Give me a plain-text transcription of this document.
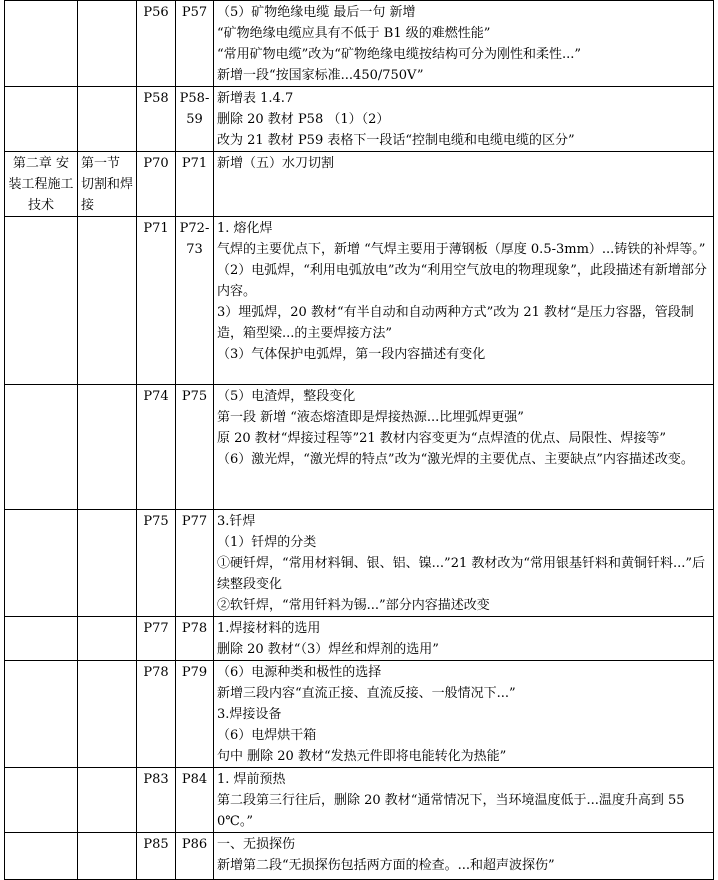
		P56	P57	（5）矿物绝缘电缆 最后一句 新增
“矿物绝缘电缆应具有不低于 B1 级的难燃性能”
“常用矿物电缆”改为“矿物绝缘电缆按结构可分为刚性和柔性...”
新增一段“按国家标准...450/750V”

		P58	P58-59	新增表 1.4.7
删除 20 教材 P58 （1）（2）
改为 21 教材 P59 表格下一段话“控制电缆和电缆电缆的区分”

第二章 安装工程施工技术	第一节 切割和焊接	P70	P71	新增（五）水刀切割

		P71	P72-73	1. 熔化焊
气焊的主要优点下，新增 “气焊主要用于薄钢板（厚度 0.5-3mm）...铸铁的补焊等。”
（2）电弧焊，“利用电弧放电”改为“利用空气放电的物理现象”，此段描述有新增部分内容。
3）埋弧焊，20 教材“有半自动和自动两种方式”改为 21 教材“是压力容器，管段制造，箱型梁...的主要焊接方法”
（3）气体保护电弧焊，第一段内容描述有变化

		P74	P75	（5）电渣焊，整段变化
第一段 新增 “液态熔渣即是焊接热源...比埋弧焊更强”
原 20 教材“焊接过程等”21 教材内容变更为“点焊渣的优点、局限性、焊接等”
（6）激光焊，“激光焊的特点”改为“激光焊的主要优点、主要缺点”内容描述改变。

		P75	P77	3.钎焊
（1）钎焊的分类
①硬钎焊，“常用材料铜、银、铝、镍...”21 教材改为“常用银基钎料和黄铜钎料...”后续整段变化
②软钎焊，“常用钎料为锡...”部分内容描述改变

		P77	P78	1.焊接材料的选用
删除 20 教材“（3）焊丝和焊剂的选用”

		P78	P79	（6）电源种类和极性的选择
新增三段内容“直流正接、直流反接、一般情况下...”
3.焊接设备
（6）电焊烘干箱
句中 删除 20 教材“发热元件即将电能转化为热能”

		P83	P84	1. 焊前预热
第二段第三行往后，删除 20 教材“通常情况下，当环境温度低于...温度升高到 550℃。”

		P85	P86	一、无损探伤
新增第二段“无损探伤包括两方面的检查。...和超声波探伤”
